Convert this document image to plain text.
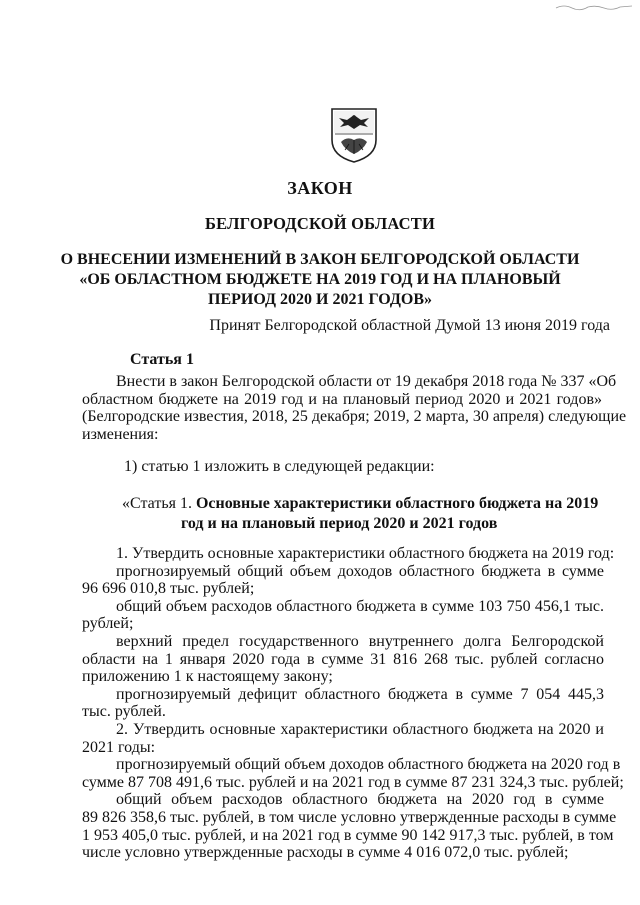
ЗАКОН
БЕЛГОРОДСКОЙ ОБЛАСТИ
О ВНЕСЕНИИ ИЗМЕНЕНИЙ В ЗАКОН БЕЛГОРОДСКОЙ ОБЛАСТИ
«ОБ ОБЛАСТНОМ БЮДЖЕТЕ НА 2019 ГОД И НА ПЛАНОВЫЙ
ПЕРИОД 2020 И 2021 ГОДОВ»
Принят Белгородской областной Думой 13 июня 2019 года
Статья 1
Внести в закон Белгородской области от 19 декабря 2018 года № 337 «Об
областном бюджете на 2019 год и на плановый период 2020 и 2021 годов»
(Белгородские известия, 2018, 25 декабря; 2019, 2 марта, 30 апреля) следующие
изменения:
1) статью 1 изложить в следующей редакции:
«Статья 1. Основные характеристики областного бюджета на 2019
год и на плановый период 2020 и 2021 годов
1. Утвердить основные характеристики областного бюджета на 2019 год:
прогнозируемый общий объем доходов областного бюджета в сумме
96 696 010,8 тыс. рублей;
общий объем расходов областного бюджета в сумме 103 750 456,1 тыс.
рублей;
верхний предел государственного внутреннего долга Белгородской
области на 1 января 2020 года в сумме 31 816 268 тыс. рублей согласно
приложению 1 к настоящему закону;
прогнозируемый дефицит областного бюджета в сумме 7 054 445,3
тыс. рублей.
2. Утвердить основные характеристики областного бюджета на 2020 и
2021 годы:
прогнозируемый общий объем доходов областного бюджета на 2020 год в
сумме 87 708 491,6 тыс. рублей и на 2021 год в сумме 87 231 324,3 тыс. рублей;
общий объем расходов областного бюджета на 2020 год в сумме
89 826 358,6 тыс. рублей, в том числе условно утвержденные расходы в сумме
1 953 405,0 тыс. рублей, и на 2021 год в сумме 90 142 917,3 тыс. рублей, в том
числе условно утвержденные расходы в сумме 4 016 072,0 тыс. рублей;
